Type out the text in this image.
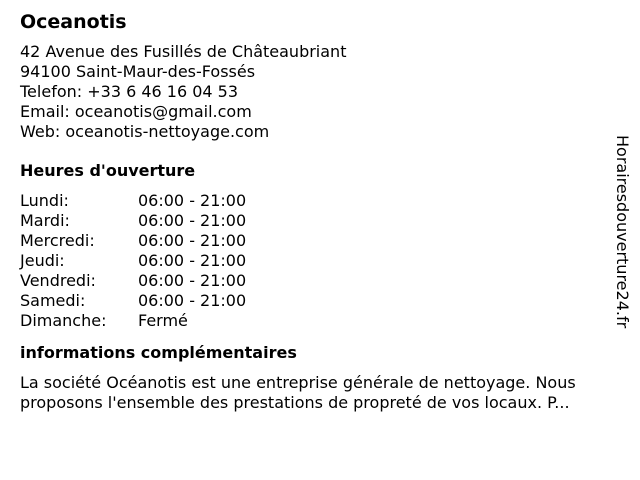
Oceanotis
42 Avenue des Fusillés de Châteaubriant
94100 Saint-Maur-des-Fossés
Telefon: +33 6 46 16 04 53
Email: oceanotis@gmail.com
Web: oceanotis-nettoyage.com
Heures d'ouverture
Lundi:	06:00 - 21:00
Mardi:	06:00 - 21:00
Mercredi:	06:00 - 21:00
Jeudi:	06:00 - 21:00
Vendredi:	06:00 - 21:00
Samedi:	06:00 - 21:00
Dimanche:	Fermé
informations complémentaires

La société Océanotis est une entreprise générale de nettoyage. Nous proposons l'ensemble des prestations de propreté de vos locaux. P...

Horairesdouverture24.fr
